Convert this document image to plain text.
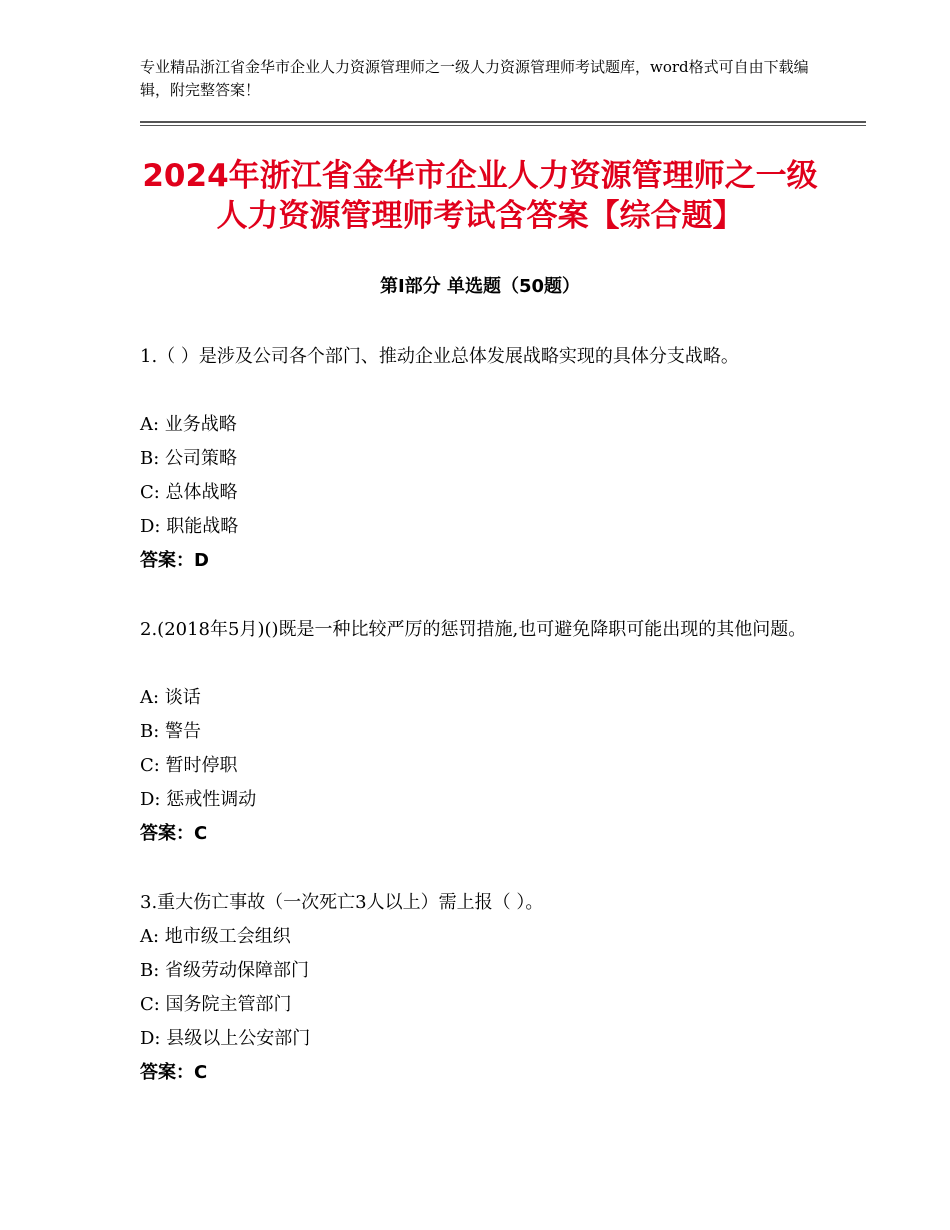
专业精品浙江省金华市企业人力资源管理师之一级人力资源管理师考试题库，word格式可自由下载编辑，附完整答案！
2024年浙江省金华市企业人力资源管理师之一级人力资源管理师考试含答案【综合题】
第Ⅰ部分 单选题（50题）
1.（ ）是涉及公司各个部门、推动企业总体发展战略实现的具体分支战略。
A: 业务战略
B: 公司策略
C: 总体战略
D: 职能战略
答案：D
2.(2018年5月)()既是一种比较严厉的惩罚措施,也可避免降职可能出现的其他问题。
A: 谈话
B: 警告
C: 暂时停职
D: 惩戒性调动
答案：C
3.重大伤亡事故（一次死亡3人以上）需上报（ ）。
A: 地市级工会组织
B: 省级劳动保障部门
C: 国务院主管部门
D: 县级以上公安部门
答案：C
